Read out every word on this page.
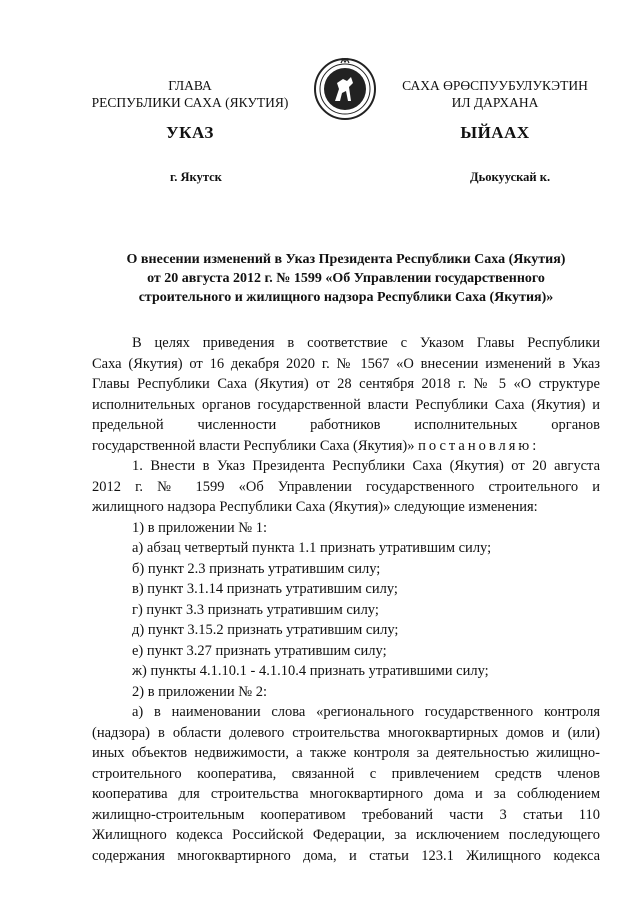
ГЛАВА
РЕСПУБЛИКИ САХА (ЯКУТИЯ)
САХА ӨРӨСПУУБУЛУКЭТИН
ИЛ ДАРХАНА
УКАЗ	ЫЙААХ
г. Якутск	Дьокуускай к.
О внесении изменений в Указ Президента Республики Саха (Якутия)
от 20 августа 2012 г. № 1599 «Об Управлении государственного
строительного и жилищного надзора Республики Саха (Якутия)»

В целях приведения в соответствие с Указом Главы Республики

Саха (Якутия) от 16 декабря 2020 г. № 1567 «О внесении изменений в Указ

Главы Республики Саха (Якутия) от 28 сентября 2018 г. № 5 «О структуре

исполнительных органов государственной власти Республики Саха (Якутия) и

предельной численности работников исполнительных органов

государственной власти Республики Саха (Якутия)» постановляю:

1. Внести в Указ Президента Республики Саха (Якутия) от 20 августа

2012 г. № 1599 «Об Управлении государственного строительного и

жилищного надзора Республики Саха (Якутия)» следующие изменения:

1) в приложении № 1:

а) абзац четвертый пункта 1.1 признать утратившим силу;

б) пункт 2.3 признать утратившим силу;

в) пункт 3.1.14 признать утратившим силу;

г) пункт 3.3 признать утратившим силу;

д) пункт 3.15.2 признать утратившим силу;

е) пункт 3.27 признать утратившим силу;

ж) пункты 4.1.10.1 - 4.1.10.4 признать утратившими силу;

2) в приложении № 2:

а) в наименовании слова «регионального государственного контроля

(надзора) в области долевого строительства многоквартирных домов и (или)

иных объектов недвижимости, а также контроля за деятельностью жилищно-

строительного кооператива, связанной с привлечением средств членов

кооператива для строительства многоквартирного дома и за соблюдением

жилищно-строительным кооперативом требований части 3 статьи 110

Жилищного кодекса Российской Федерации, за исключением последующего

содержания многоквартирного дома, и статьи 123.1 Жилищного кодекса
